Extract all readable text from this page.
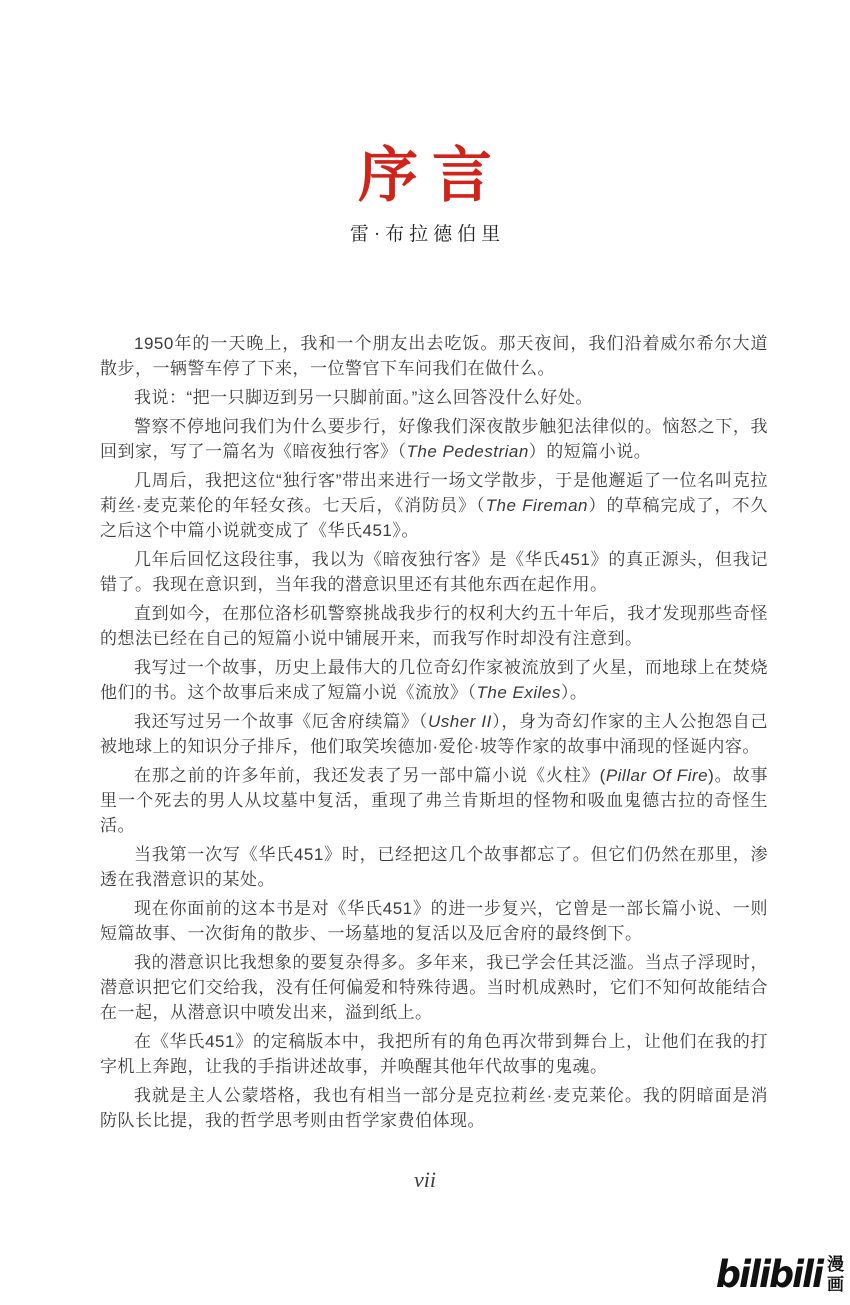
序言
雷·布拉德伯里

1950年的一天晚上，我和一个朋友出去吃饭。那天夜间，我们沿着威尔希尔大道散步，一辆警车停了下来，一位警官下车问我们在做什么。

我说：“把一只脚迈到另一只脚前面。”这么回答没什么好处。

警察不停地问我们为什么要步行，好像我们深夜散步触犯法律似的。恼怒之下，我回到家，写了一篇名为《暗夜独行客》（The Pedestrian）的短篇小说。

几周后，我把这位“独行客”带出来进行一场文学散步，于是他邂逅了一位名叫克拉莉丝·麦克莱伦的年轻女孩。七天后，《消防员》（The Fireman）的草稿完成了，不久之后这个中篇小说就变成了《华氏451》。

几年后回忆这段往事，我以为《暗夜独行客》是《华氏451》的真正源头，但我记错了。我现在意识到，当年我的潜意识里还有其他东西在起作用。

直到如今，在那位洛杉矶警察挑战我步行的权利大约五十年后，我才发现那些奇怪的想法已经在自己的短篇小说中铺展开来，而我写作时却没有注意到。

我写过一个故事，历史上最伟大的几位奇幻作家被流放到了火星，而地球上在焚烧他们的书。这个故事后来成了短篇小说《流放》（The Exiles）。

我还写过另一个故事《厄舍府续篇》（Usher II），身为奇幻作家的主人公抱怨自己被地球上的知识分子排斥，他们取笑埃德加·爱伦·坡等作家的故事中涌现的怪诞内容。

在那之前的许多年前，我还发表了另一部中篇小说《火柱》(Pillar Of Fire)。故事里一个死去的男人从坟墓中复活，重现了弗兰肯斯坦的怪物和吸血鬼德古拉的奇怪生活。

当我第一次写《华氏451》时，已经把这几个故事都忘了。但它们仍然在那里，渗透在我潜意识的某处。

现在你面前的这本书是对《华氏451》的进一步复兴，它曾是一部长篇小说、一则短篇故事、一次街角的散步、一场墓地的复活以及厄舍府的最终倒下。

我的潜意识比我想象的要复杂得多。多年来，我已学会任其泛滥。当点子浮现时，潜意识把它们交给我，没有任何偏爱和特殊待遇。当时机成熟时，它们不知何故能结合在一起，从潜意识中喷发出来，溢到纸上。

在《华氏451》的定稿版本中，我把所有的角色再次带到舞台上，让他们在我的打字机上奔跑，让我的手指讲述故事，并唤醒其他年代故事的鬼魂。

我就是主人公蒙塔格，我也有相当一部分是克拉莉丝·麦克莱伦。我的阴暗面是消防队长比提，我的哲学思考则由哲学家费伯体现。

vii
bilibili 漫
画
